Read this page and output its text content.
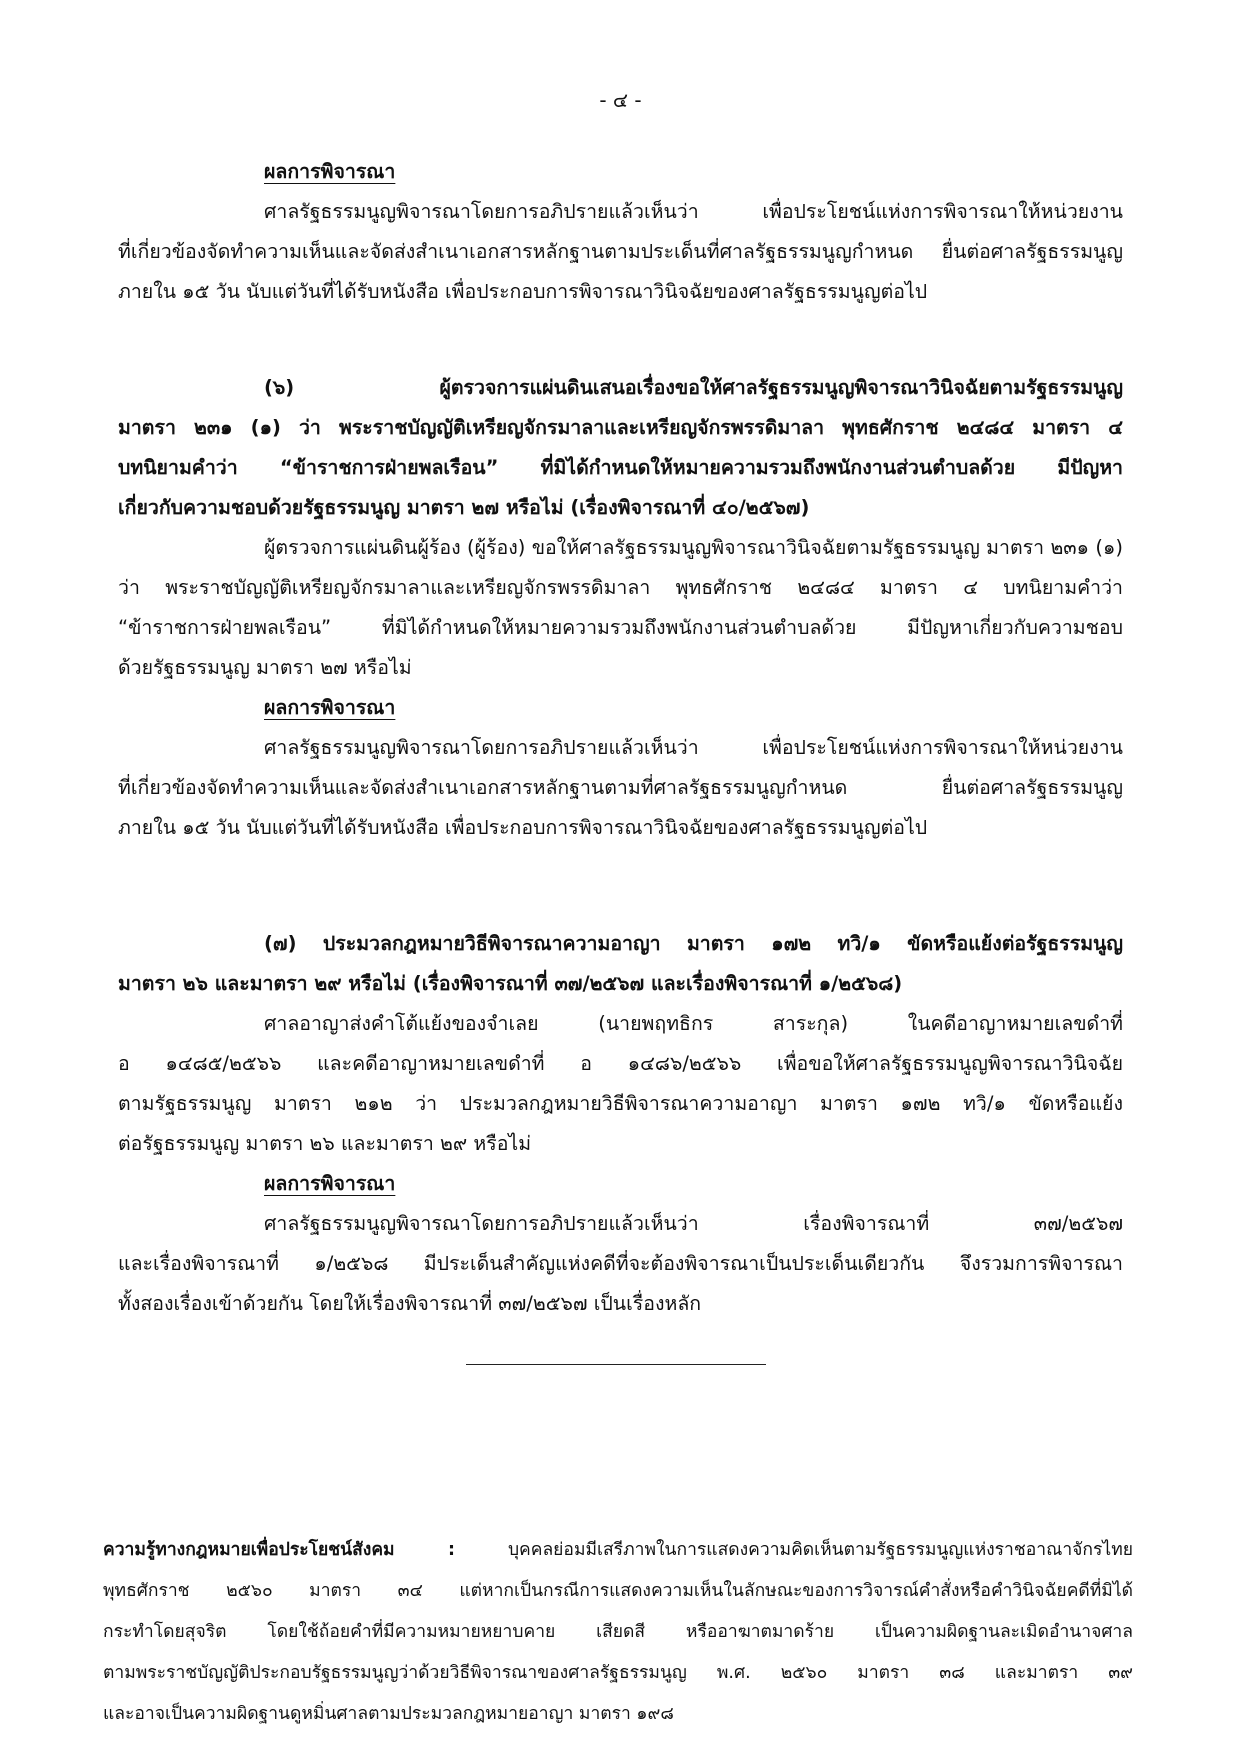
- ๔ -
ผลการพิจารณา
ศาลรัฐธรรมนูญพิจารณาโดยการอภิปรายแล้วเห็นว่า เพื่อประโยชน์แห่งการพิจารณาให้หน่วยงาน
ที่เกี่ยวข้องจัดทำความเห็นและจัดส่งสำเนาเอกสารหลักฐานตามประเด็นที่ศาลรัฐธรรมนูญกำหนด ยื่นต่อศาลรัฐธรรมนูญ
ภายใน ๑๕ วัน นับแต่วันที่ได้รับหนังสือ เพื่อประกอบการพิจารณาวินิจฉัยของศาลรัฐธรรมนูญต่อไป
(๖) ผู้ตรวจการแผ่นดินเสนอเรื่องขอให้ศาลรัฐธรรมนูญพิจารณาวินิจฉัยตามรัฐธรรมนูญ
มาตรา ๒๓๑ (๑) ว่า พระราชบัญญัติเหรียญจักรมาลาและเหรียญจักรพรรดิมาลา พุทธศักราช ๒๔๘๔ มาตรา ๔
บทนิยามคำว่า “ข้าราชการฝ่ายพลเรือน” ที่มิได้กำหนดให้หมายความรวมถึงพนักงานส่วนตำบลด้วย มีปัญหา
เกี่ยวกับความชอบด้วยรัฐธรรมนูญ มาตรา ๒๗ หรือไม่ (เรื่องพิจารณาที่ ๔๐/๒๕๖๗)
ผู้ตรวจการแผ่นดินผู้ร้อง (ผู้ร้อง) ขอให้ศาลรัฐธรรมนูญพิจารณาวินิจฉัยตามรัฐธรรมนูญ มาตรา ๒๓๑ (๑)
ว่า พระราชบัญญัติเหรียญจักรมาลาและเหรียญจักรพรรดิมาลา พุทธศักราช ๒๔๘๔ มาตรา ๔ บทนิยามคำว่า
“ข้าราชการฝ่ายพลเรือน” ที่มิได้กำหนดให้หมายความรวมถึงพนักงานส่วนตำบลด้วย มีปัญหาเกี่ยวกับความชอบ
ด้วยรัฐธรรมนูญ มาตรา ๒๗ หรือไม่
ผลการพิจารณา
ศาลรัฐธรรมนูญพิจารณาโดยการอภิปรายแล้วเห็นว่า เพื่อประโยชน์แห่งการพิจารณาให้หน่วยงาน
ที่เกี่ยวข้องจัดทำความเห็นและจัดส่งสำเนาเอกสารหลักฐานตามที่ศาลรัฐธรรมนูญกำหนด ยื่นต่อศาลรัฐธรรมนูญ
ภายใน ๑๕ วัน นับแต่วันที่ได้รับหนังสือ เพื่อประกอบการพิจารณาวินิจฉัยของศาลรัฐธรรมนูญต่อไป
(๗) ประมวลกฎหมายวิธีพิจารณาความอาญา มาตรา ๑๗๒ ทวิ/๑ ขัดหรือแย้งต่อรัฐธรรมนูญ
มาตรา ๒๖ และมาตรา ๒๙ หรือไม่ (เรื่องพิจารณาที่ ๓๗/๒๕๖๗ และเรื่องพิจารณาที่ ๑/๒๕๖๘)
ศาลอาญาส่งคำโต้แย้งของจำเลย (นายพฤทธิกร สาระกุล) ในคดีอาญาหมายเลขดำที่
อ ๑๔๘๕/๒๕๖๖ และคดีอาญาหมายเลขดำที่ อ ๑๔๘๖/๒๕๖๖ เพื่อขอให้ศาลรัฐธรรมนูญพิจารณาวินิจฉัย
ตามรัฐธรรมนูญ มาตรา ๒๑๒ ว่า ประมวลกฎหมายวิธีพิจารณาความอาญา มาตรา ๑๗๒ ทวิ/๑ ขัดหรือแย้ง
ต่อรัฐธรรมนูญ มาตรา ๒๖ และมาตรา ๒๙ หรือไม่
ผลการพิจารณา
ศาลรัฐธรรมนูญพิจารณาโดยการอภิปรายแล้วเห็นว่า เรื่องพิจารณาที่ ๓๗/๒๕๖๗
และเรื่องพิจารณาที่ ๑/๒๕๖๘ มีประเด็นสำคัญแห่งคดีที่จะต้องพิจารณาเป็นประเด็นเดียวกัน จึงรวมการพิจารณา
ทั้งสองเรื่องเข้าด้วยกัน โดยให้เรื่องพิจารณาที่ ๓๗/๒๕๖๗ เป็นเรื่องหลัก
ความรู้ทางกฎหมายเพื่อประโยชน์สังคม :	บุคคลย่อมมีเสรีภาพในการแสดงความคิดเห็นตามรัฐธรรมนูญแห่งราชอาณาจักรไทย
พุทธศักราช ๒๕๖๐ มาตรา ๓๔ แต่หากเป็นกรณีการแสดงความเห็นในลักษณะของการวิจารณ์คำสั่งหรือคำวินิจฉัยคดีที่มิได้
กระทำโดยสุจริต โดยใช้ถ้อยคำที่มีความหมายหยาบคาย เสียดสี หรืออาฆาตมาดร้าย เป็นความผิดฐานละเมิดอำนาจศาล
ตามพระราชบัญญัติประกอบรัฐธรรมนูญว่าด้วยวิธีพิจารณาของศาลรัฐธรรมนูญ พ.ศ. ๒๕๖๐ มาตรา ๓๘ และมาตรา ๓๙
และอาจเป็นความผิดฐานดูหมิ่นศาลตามประมวลกฎหมายอาญา มาตรา ๑๙๘
